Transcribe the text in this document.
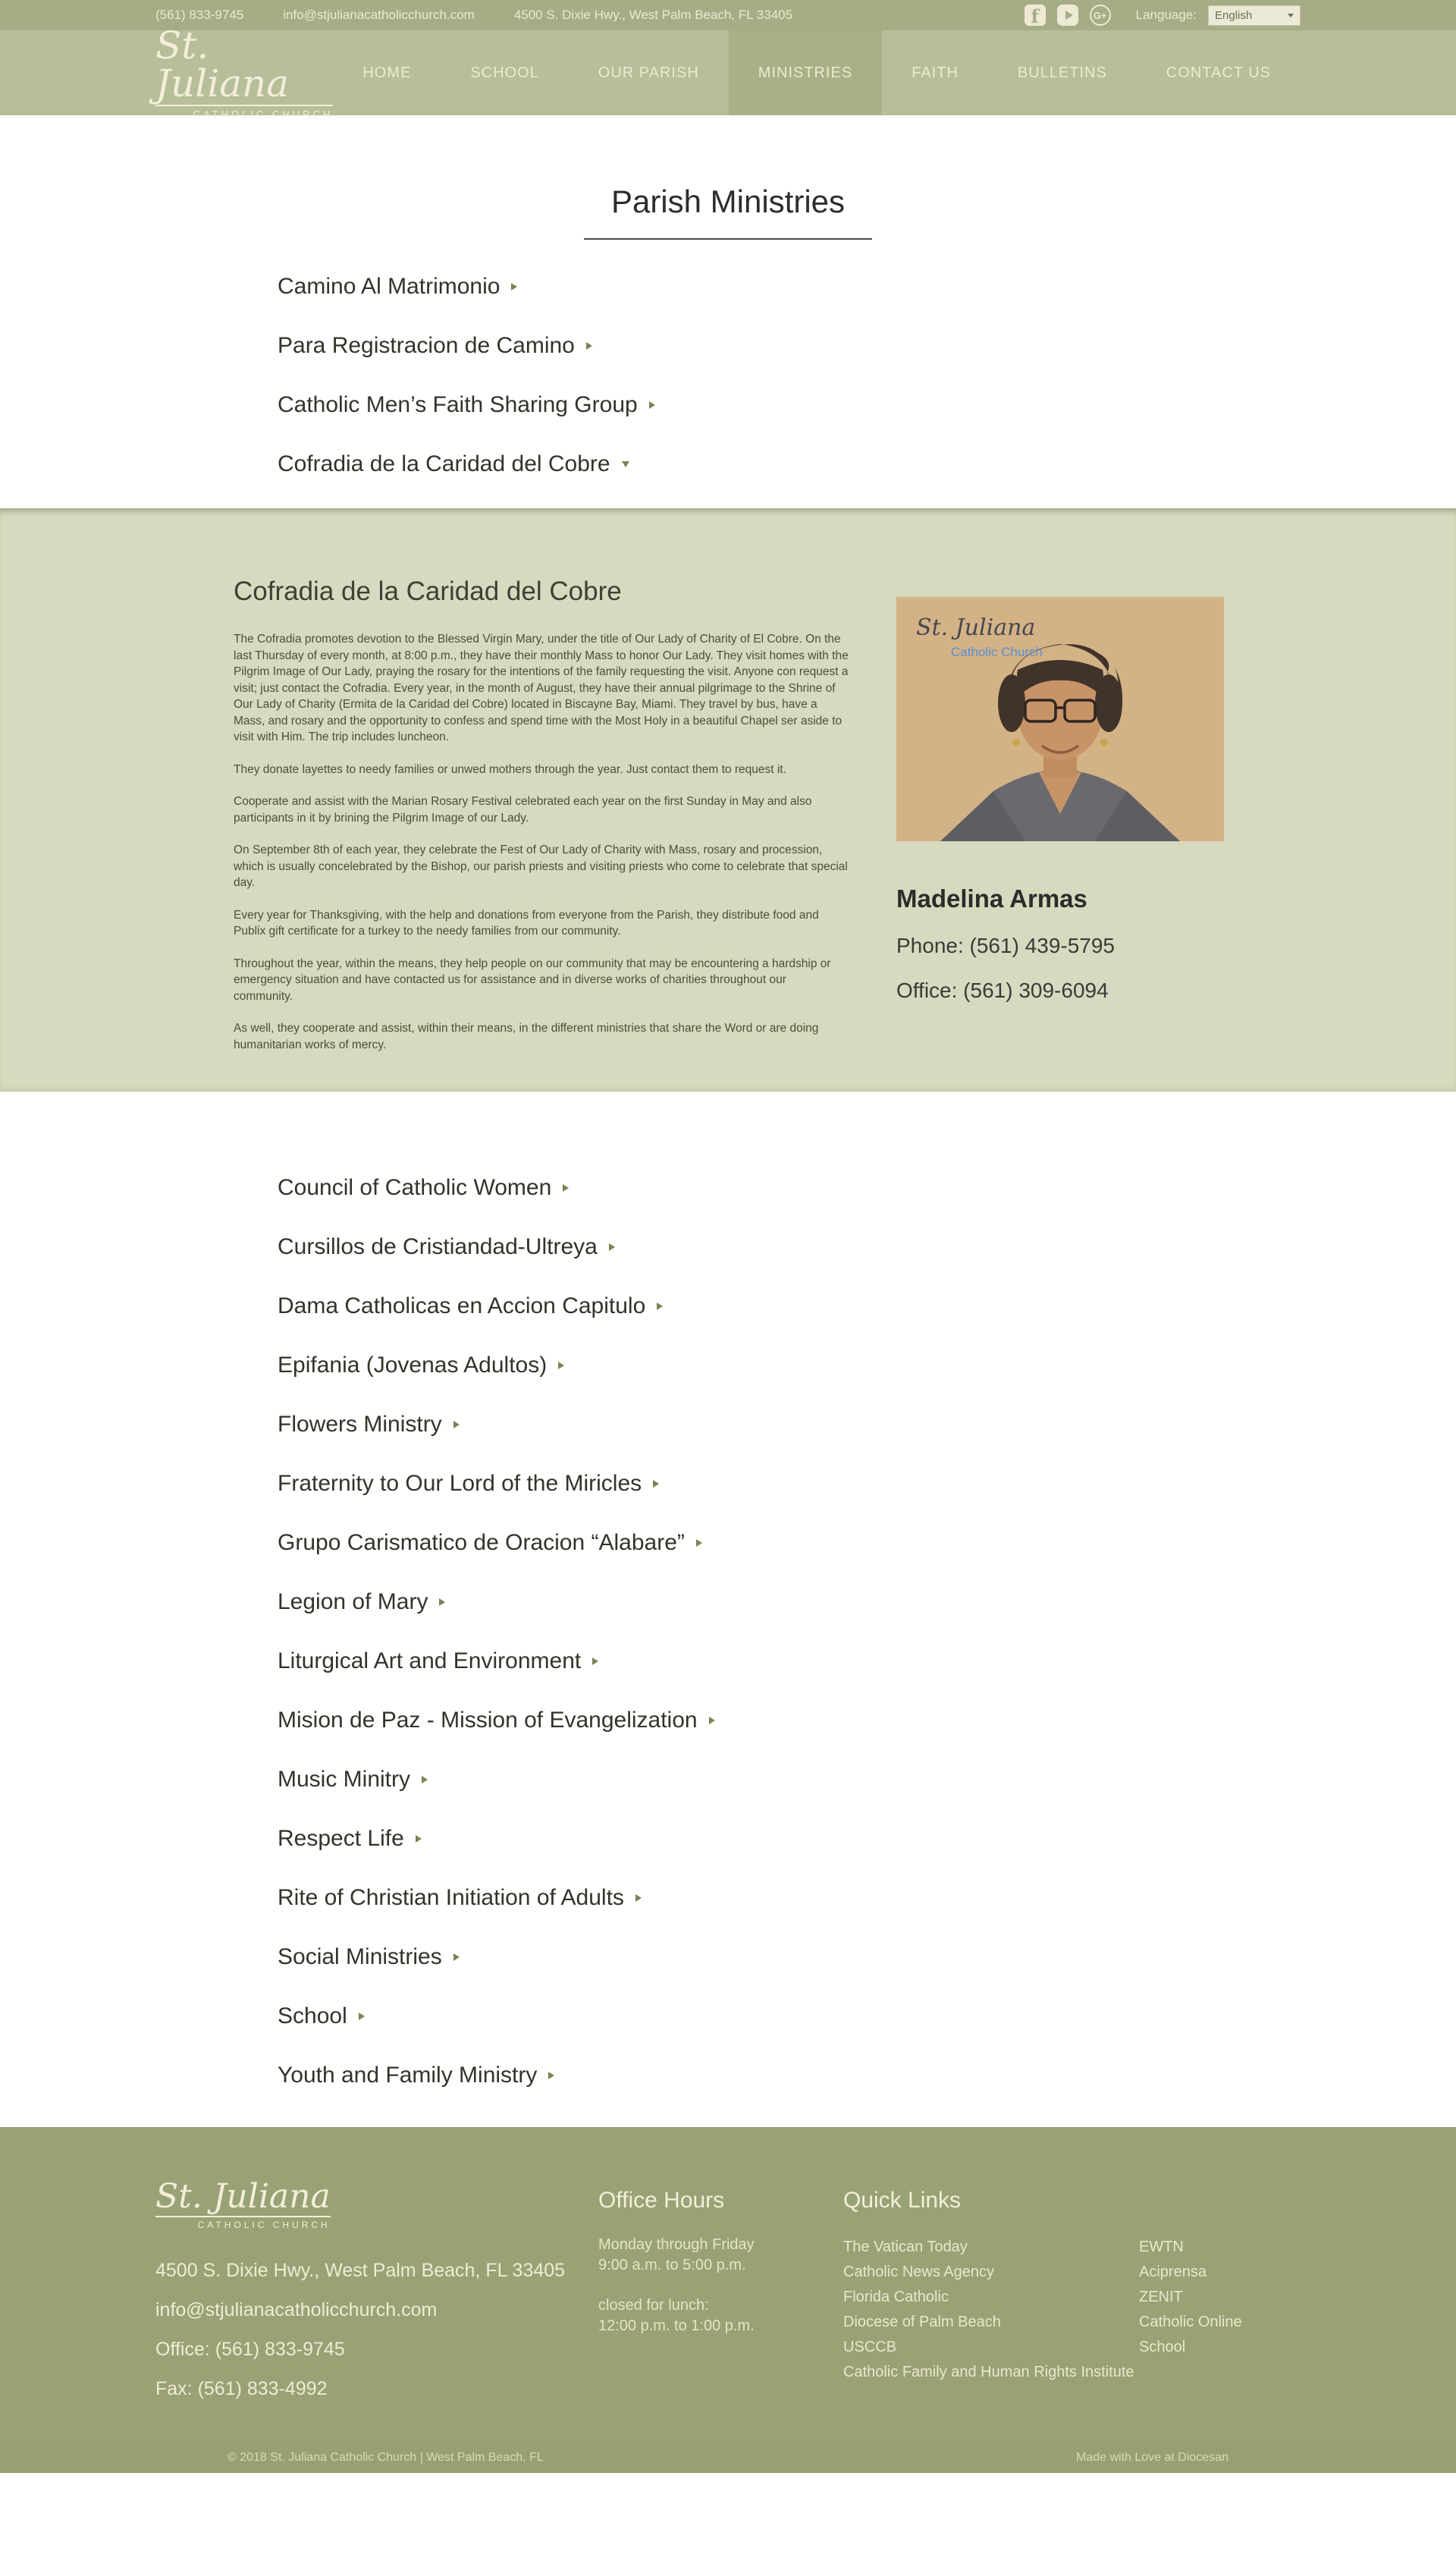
(561) 833-9745	info@stjulianacatholicchurch.com	4500 S. Dixie Hwy., West Palm Beach, FL 33405	f	G+ Language: English
St. Juliana
CATHOLIC CHURCH
HOME	SCHOOL	OUR PARISH	MINISTRIES	FAITH	BULLETINS	CONTACT US
Parish Ministries
Camino Al Matrimonio
Para Registracion de Camino
Catholic Men’s Faith Sharing Group
Cofradia de la Caridad del Cobre
Cofradia de la Caridad del Cobre

The Cofradia promotes devotion to the Blessed Virgin Mary, under the title of Our Lady of Charity of El Cobre. On the last Thursday of every month, at 8:00 p.m., they have their monthly Mass to honor Our Lady. They visit homes with the Pilgrim Image of Our Lady, praying the rosary for the intentions of the family requesting the visit. Anyone con request a visit; just contact the Cofradia. Every year, in the month of August, they have their annual pilgrimage to the Shrine of Our Lady of Charity (Ermita de la Caridad del Cobre) located in Biscayne Bay, Miami. They travel by bus, have a Mass, and rosary and the opportunity to confess and spend time with the Most Holy in a beautiful Chapel ser aside to visit with Him. The trip includes luncheon.

They donate layettes to needy families or unwed mothers through the year. Just contact them to request it.

Cooperate and assist with the Marian Rosary Festival celebrated each year on the first Sunday in May and also participants in it by brining the Pilgrim Image of our Lady.

On September 8th of each year, they celebrate the Fest of Our Lady of Charity with Mass, rosary and procession, which is usually concelebrated by the Bishop, our parish priests and visiting priests who come to celebrate that special day.

Every year for Thanksgiving, with the help and donations from everyone from the Parish, they distribute food and Publix gift certificate for a turkey to the needy families from our community.

Throughout the year, within the means, they help people on our community that may be encountering a hardship or emergency situation and have contacted us for assistance and in diverse works of charities throughout our community.

As well, they cooperate and assist, within their means, in the different ministries that share the Word or are doing humanitarian works of mercy.

St. Juliana
Catholic Church
Madelina Armas
Phone: (561) 439-5795
Office: (561) 309-6094
Council of Catholic Women
Cursillos de Cristiandad-Ultreya
Dama Catholicas en Accion Capitulo
Epifania (Jovenas Adultos)
Flowers Ministry
Fraternity to Our Lord of the Miricles
Grupo Carismatico de Oracion “Alabare”
Legion of Mary
Liturgical Art and Environment
Mision de Paz - Mission of Evangelization
Music Minitry
Respect Life
Rite of Christian Initiation of Adults
Social Ministries
School
Youth and Family Ministry
St. Juliana
CATHOLIC CHURCH
4500 S. Dixie Hwy., West Palm Beach, FL 33405
info@stjulianacatholicchurch.com
Office: (561) 833-9745
Fax: (561) 833-4992
Office Hours

Monday through Friday
9:00 a.m. to 5:00 p.m.

closed for lunch:
12:00 p.m. to 1:00 p.m.

Quick Links
The Vatican Today
Catholic News Agency
Florida Catholic
Diocese of Palm Beach
USCCB
Catholic Family and Human Rights Institute
EWTN
Aciprensa
ZENIT
Catholic Online
School
© 2018 St. Juliana Catholic Church | West Palm Beach, FL	Made with Love at Diocesan
